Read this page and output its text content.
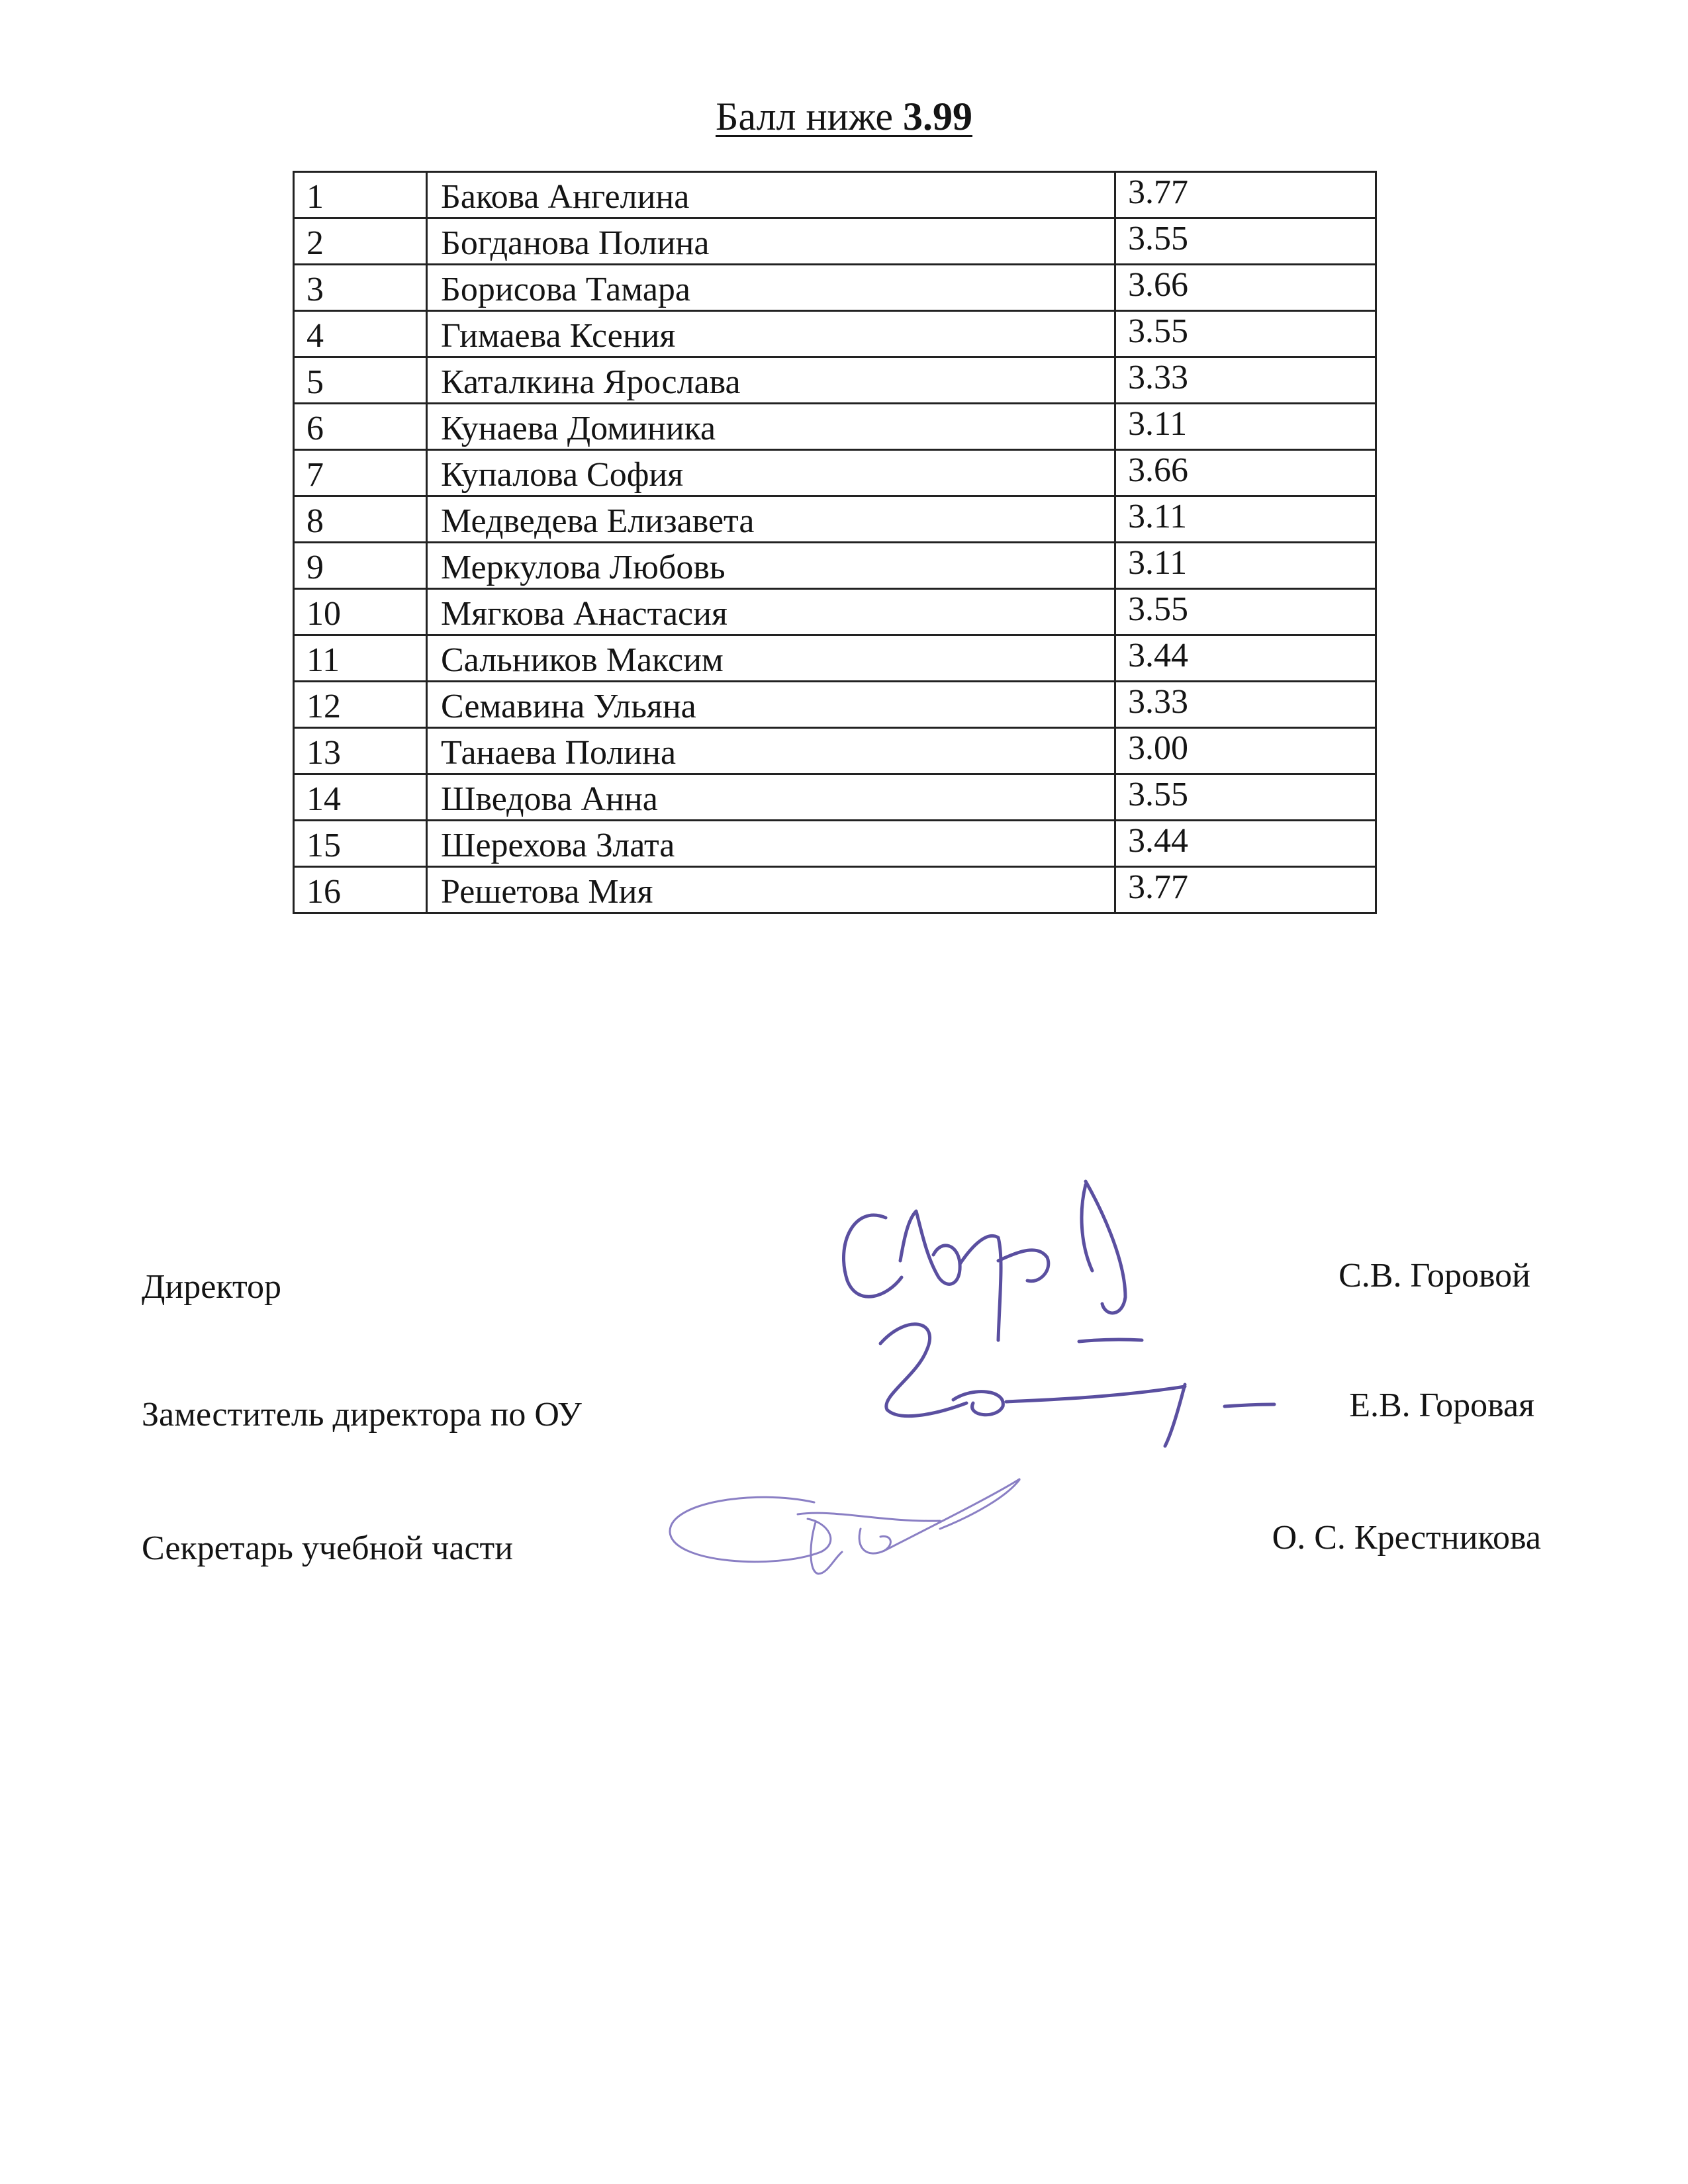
Балл ниже 3.99
1	Бакова Ангелина	3.77
2	Богданова Полина	3.55
3	Борисова Тамара	3.66
4	Гимаева Ксения	3.55
5	Каталкина Ярослава	3.33
6	Кунаева Доминика	3.11
7	Купалова София	3.66
8	Медведева Елизавета	3.11
9	Меркулова Любовь	3.11
10	Мягкова Анастасия	3.55
11	Сальников Максим	3.44
12	Семавина Ульяна	3.33
13	Танаева Полина	3.00
14	Шведова Анна	3.55
15	Шерехова Злата	3.44
16	Решетова Мия	3.77
Директор	С.В. Горовой
Заместитель директора по ОУ	Е.В. Горовая
Секретарь учебной части	О. С. Крестникова
